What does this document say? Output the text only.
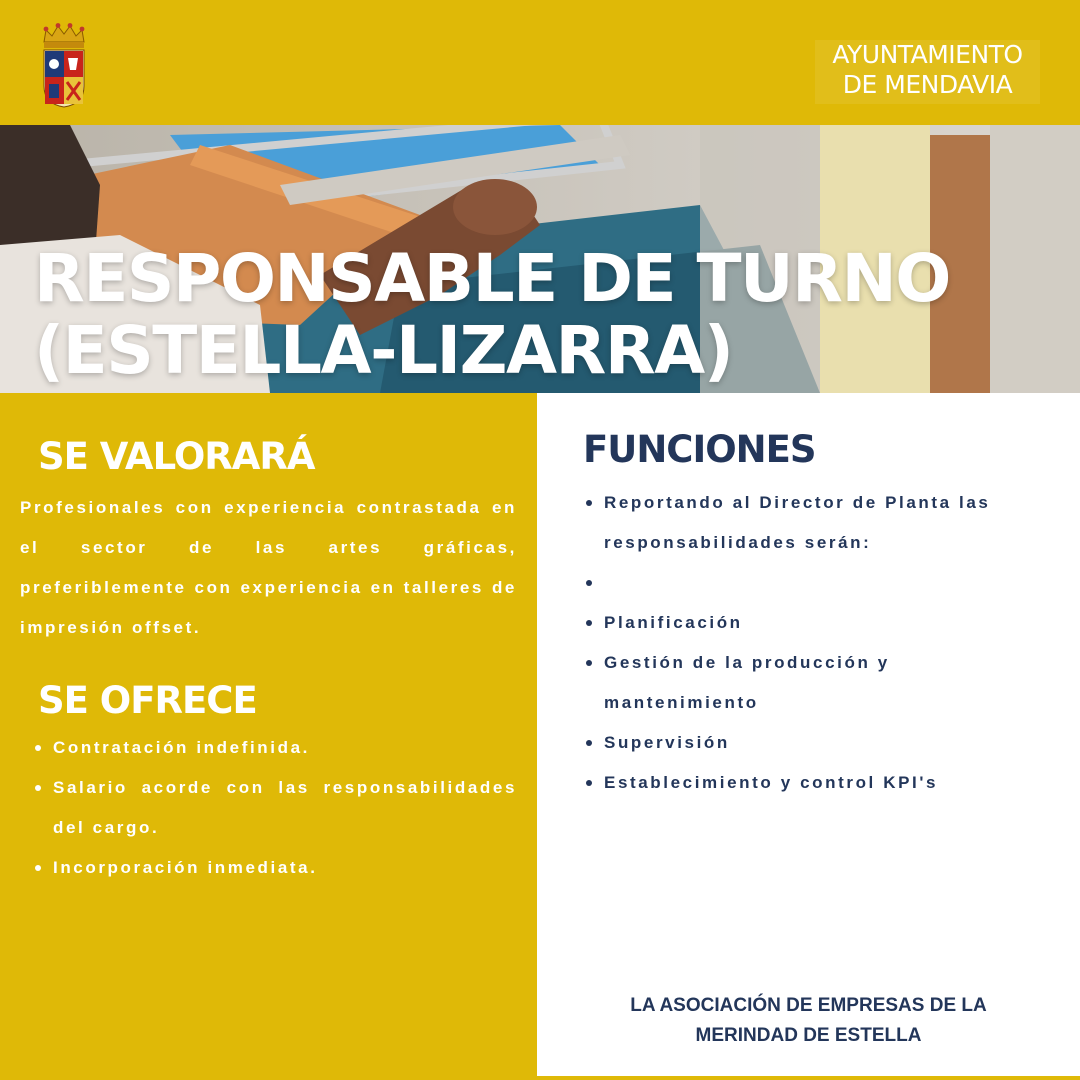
AYUNTAMIENTO
DE MENDAVIA
RESPONSABLE DE TURNO
(ESTELLA-LIZARRA)
SE VALORARÁ

Profesionales con experiencia contrastada en el sector de las artes gráficas, preferiblemente con experiencia en talleres de impresión offset.

SE OFRECE
Contratación indefinida.
Salario acorde con las responsabilidades del cargo.
Incorporación inmediata.
FUNCIONES
Reportando al Director de Planta las responsabilidades serán:
Planificación
Gestión de la producción y mantenimiento
Supervisión
Establecimiento y control KPI's
LA ASOCIACIÓN DE EMPRESAS DE LA
MERINDAD DE ESTELLA
